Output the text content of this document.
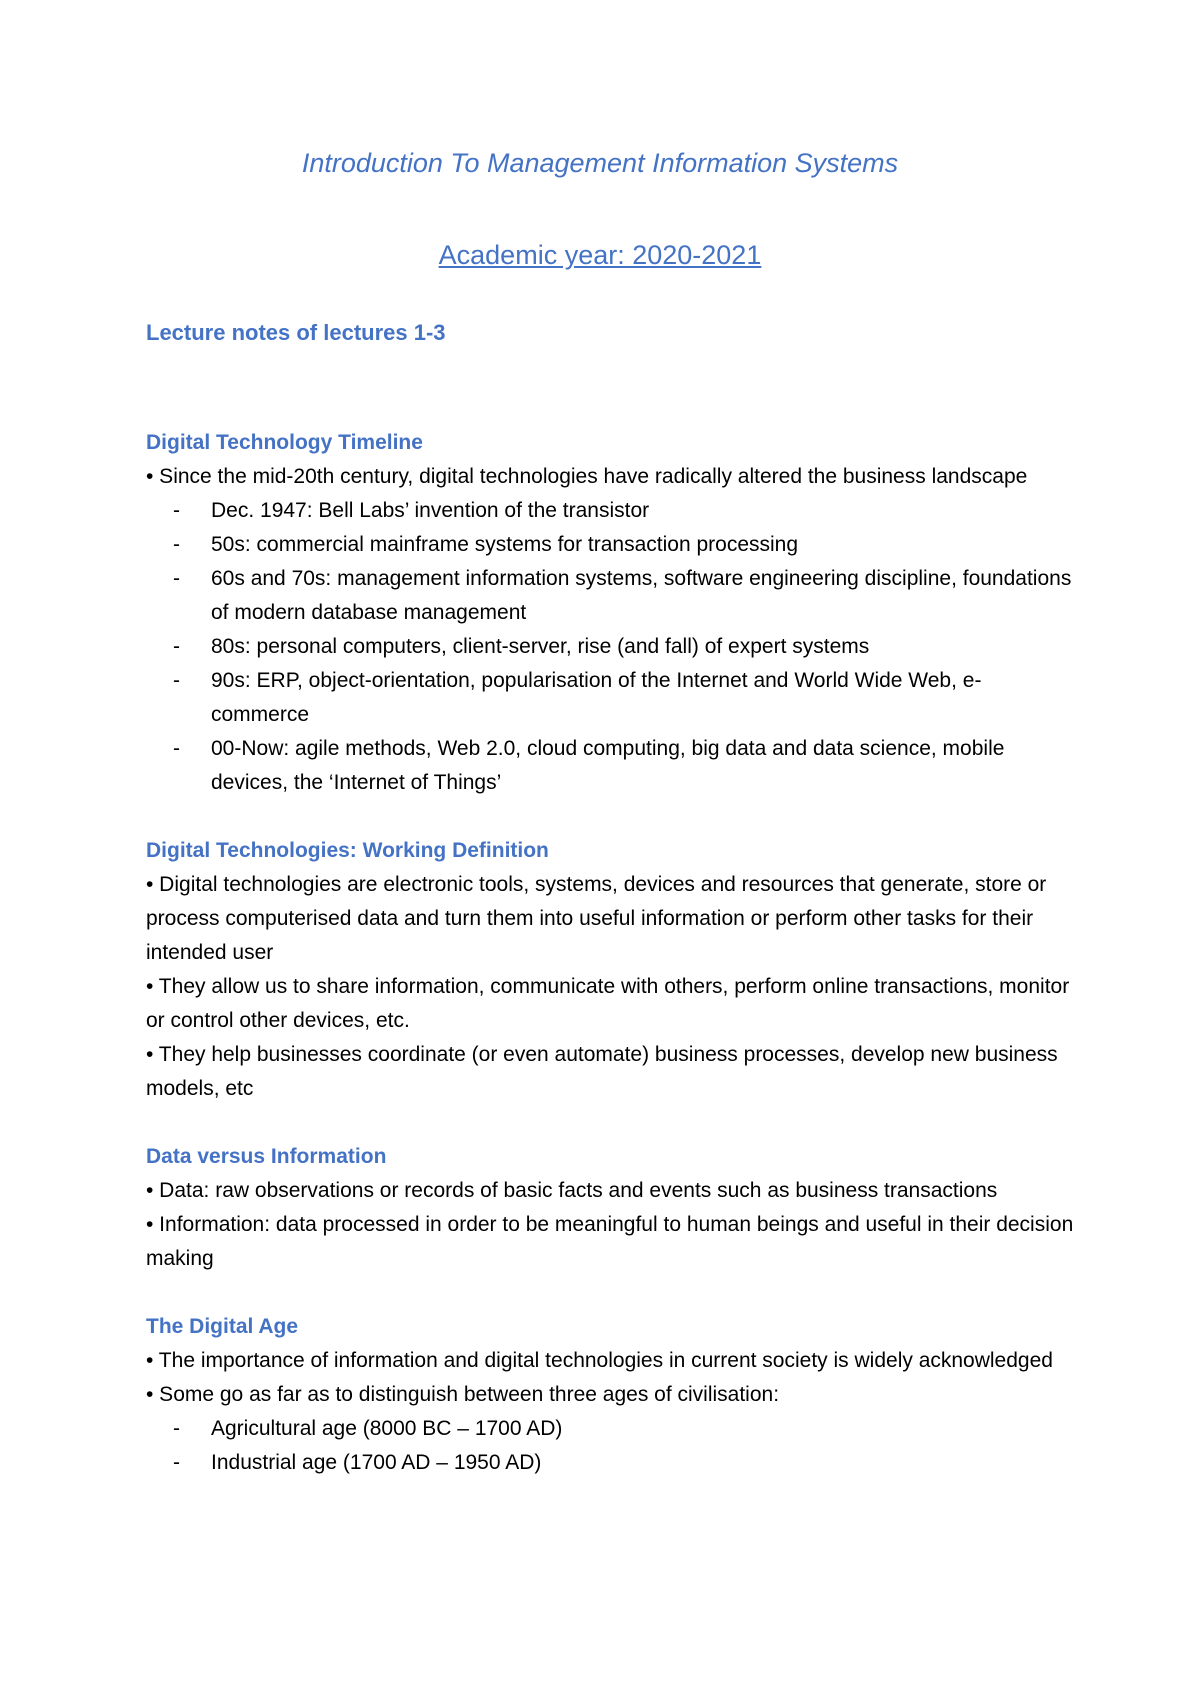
Introduction To Management Information Systems
Academic year: 2020-2021
Lecture notes of lectures 1-3

Digital Technology Timeline

• Since the mid-20th century, digital technologies have radically altered the business landscape

- Dec. 1947: Bell Labs’ invention of the transistor
- 50s: commercial mainframe systems for transaction processing
- 60s and 70s: management information systems, software engineering discipline, foundations of modern database management
- 80s: personal computers, client-server, rise (and fall) of expert systems
- 90s: ERP, object-orientation, popularisation of the Internet and World Wide Web, e-commerce
- 00-Now: agile methods, Web 2.0, cloud computing, big data and data science, mobile devices, the ‘Internet of Things’

Digital Technologies: Working Definition

• Digital technologies are electronic tools, systems, devices and resources that generate, store or process computerised data and turn them into useful information or perform other tasks for their intended user

• They allow us to share information, communicate with others, perform online transactions, monitor or control other devices, etc.

• They help businesses coordinate (or even automate) business processes, develop new business models, etc

Data versus Information

• Data: raw observations or records of basic facts and events such as business transactions

• Information: data processed in order to be meaningful to human beings and useful in their decision making

The Digital Age

• The importance of information and digital technologies in current society is widely acknowledged

• Some go as far as to distinguish between three ages of civilisation:

- Agricultural age (8000 BC – 1700 AD)
- Industrial age (1700 AD – 1950 AD)
